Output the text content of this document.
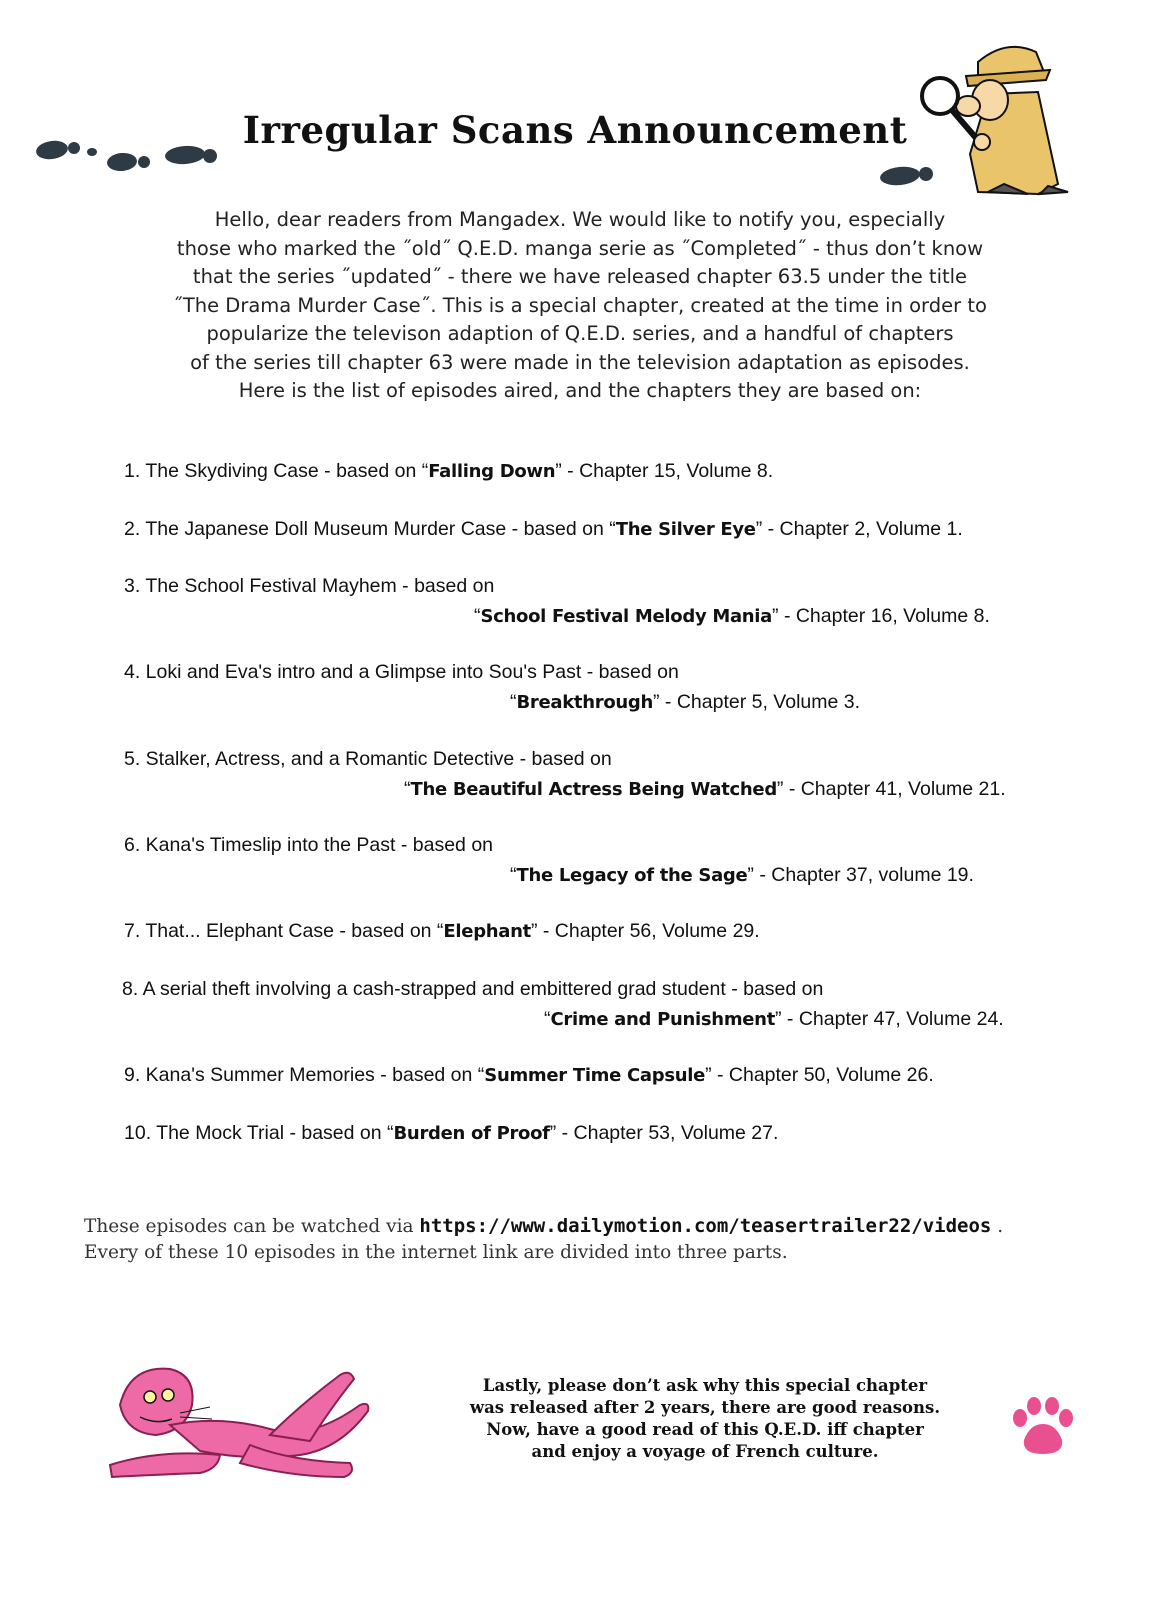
Irregular Scans Announcement
Hello, dear readers from Mangadex. We would like to notify you, especially
those who marked the ˝old˝ Q.E.D. manga serie as ˝Completed˝ - thus don’t know
that the series ˝updated˝ - there we have released chapter 63.5 under the title
˝The Drama Murder Case˝. This is a special chapter, created at the time in order to
popularize the televison adaption of Q.E.D. series, and a handful of chapters
of the series till chapter 63 were made in the television adaptation as episodes.
Here is the list of episodes aired, and the chapters they are based on:
1. The Skydiving Case - based on “Falling Down” - Chapter 15, Volume 8.
2. The Japanese Doll Museum Murder Case - based on “The Silver Eye” - Chapter 2, Volume 1.
3. The School Festival Mayhem - based on
“School Festival Melody Mania” - Chapter 16, Volume 8.
4. Loki and Eva's intro and a Glimpse into Sou's Past - based on
“Breakthrough” - Chapter 5, Volume 3.
5. Stalker, Actress, and a Romantic Detective - based on
“The Beautiful Actress Being Watched” - Chapter 41, Volume 21.
6. Kana's Timeslip into the Past - based on
“The Legacy of the Sage” - Chapter 37, volume 19.
7. That... Elephant Case - based on “Elephant” - Chapter 56, Volume 29.
8. A serial theft involving a cash-strapped and embittered grad student - based on
“Crime and Punishment” - Chapter 47, Volume 24.
9. Kana's Summer Memories - based on “Summer Time Capsule” - Chapter 50, Volume 26.
10. The Mock Trial - based on “Burden of Proof” - Chapter 53, Volume 27.
These episodes can be watched via https://www.dailymotion.com/teasertrailer22/videos .
Every of these 10 episodes in the internet link are divided into three parts.
Lastly, please don’t ask why this special chapter
was released after 2 years, there are good reasons.
Now, have a good read of this Q.E.D. iff chapter
and enjoy a voyage of French culture.
